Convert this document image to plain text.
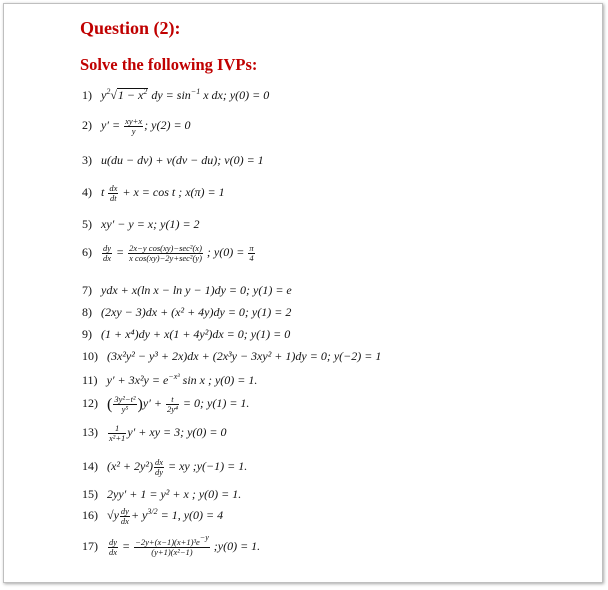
Question (2):
Solve the following IVPs:
1) $y^2√1 - x^2$ dy = $\sin^{-1} x$ dx; y(0) = 0
2) $y' = \frac{xy+x}{y}$ ; y(2) = 0
3) u(du − dv) + v(dv − du); v(0) = 1
4) t $\frac{dx}{dt} + x = \cos t$ ; x(π) = 1
5) xy′ − y = x; y(1) = 2
$6) \frac{dy}{dx} = \frac{\text{2x−y cos(xy)−sec²(x)}}{\text{x cos(xy)−2y+sec²(y)}}$ ; $y(0) = \frac{\pi}{4}$
7) ydx + x(ln x − ln y − 1)dy = 0; y(1) = e
8) (2xy − 3)dx + (x² + 4y)dy = 0; y(1) = 2
9) (1 + x⁴)dy + x(1 + 4y²)dx = 0; y(1) = 0
10) (3x²y² − y³ + 2x)dx + (2x³y − 3xy² + 1)dy = 0; y(−2) = 1
11) $y' + 3x^2y = e^{-x^3}$ sin x ; y(0) = 1.
12) ( $\frac{\text{3y²−t²}}{\text{y⁵}} )y' + \frac{t}{\text{2y⁴}} = 0$; y(1) = 1.
$13) \frac{1}{\text{x²+1}} y'$ + xy = 3; y(0) = 0
14) $(x^2 + 2y^2) \frac{dx}{dy}$ = xy ;y(−1) = 1.
15) 2yy′ + 1 = y² + x ; y(0) = 1.
16) $√y \frac{dy}{dx} + y^{3/2} = 1$, y(0) = 4
$17) \frac{dy}{dx} = \frac{-2y+(x-1)(x+1)^3e^{-y}}{\text{(y+1)(x²−1)}}$ ;y(0) = 1.
